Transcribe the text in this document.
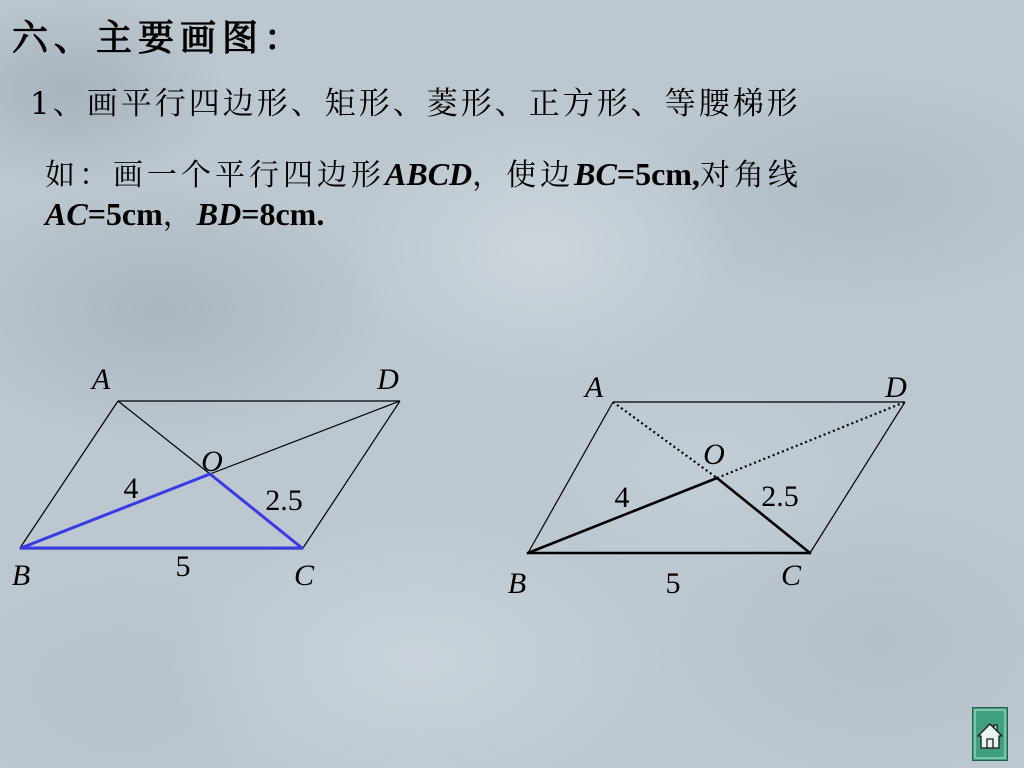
六、主要画图：
1、画平行四边形、矩形、菱形、正方形、等腰梯形
如：画一个平行四边形 ABCD ，使边 BC =5cm, 对角线
AC =5cm ， BD =8cm.
A	D
O
4	2.5
B	5	C
A	D
O
4	2.5
B	5	C
